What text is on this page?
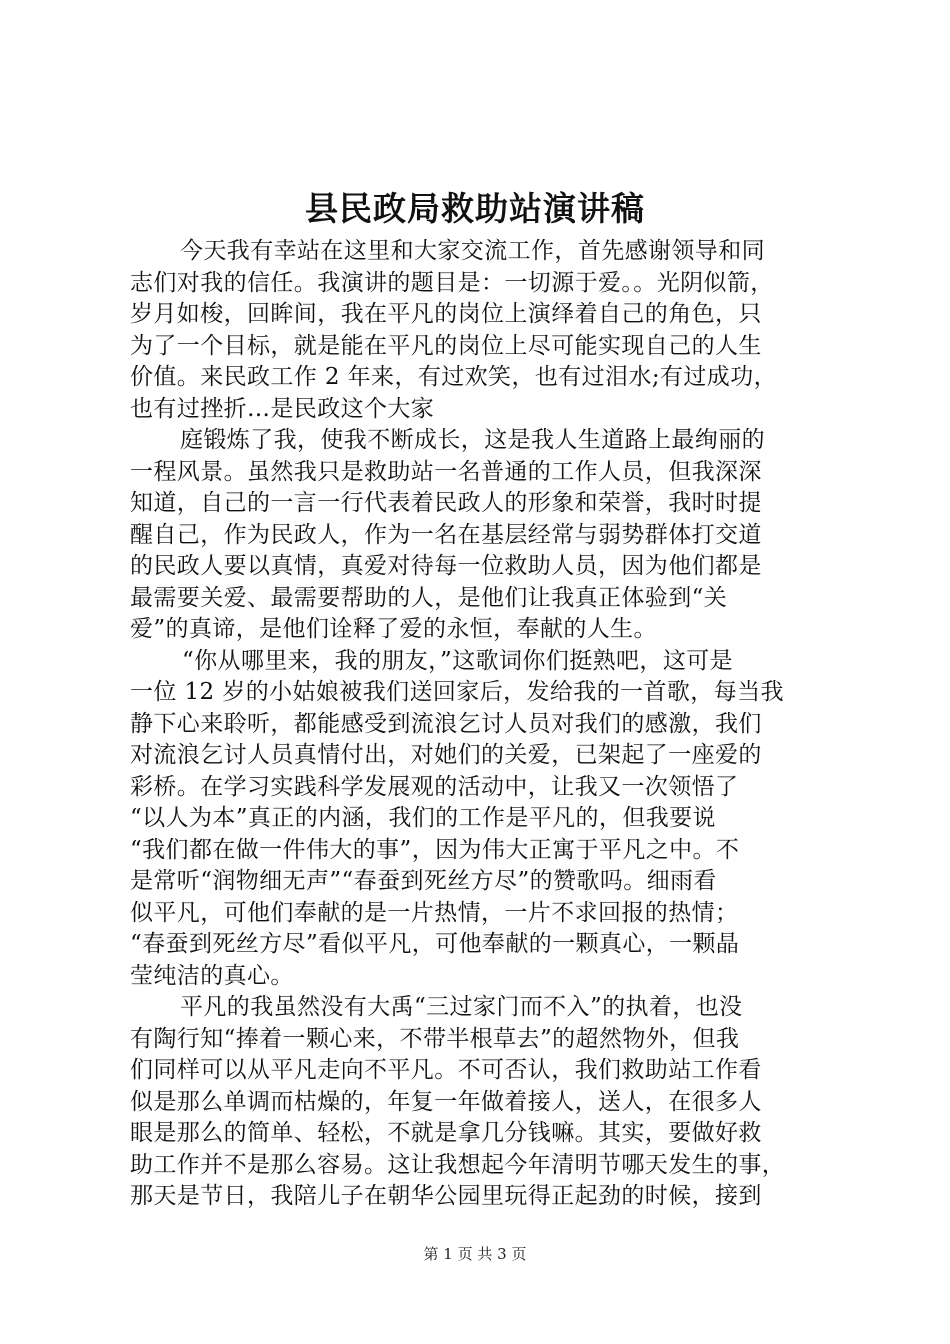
县民政局救助站演讲稿
今天我有幸站在这里和大家交流工作，首先感谢领导和同
志们对我的信任。我演讲的题目是：一切源于爱。。光阴似箭，
岁月如梭，回眸间，我在平凡的岗位上演绎着自己的角色，只
为了一个目标，就是能在平凡的岗位上尽可能实现自己的人生
价值。来民政工作 2 年来，有过欢笑，也有过泪水;有过成功，
也有过挫折…是民政这个大家
庭锻炼了我，使我不断成长，这是我人生道路上最绚丽的
一程风景。虽然我只是救助站一名普通的工作人员，但我深深
知道，自己的一言一行代表着民政人的形象和荣誉，我时时提
醒自己，作为民政人，作为一名在基层经常与弱势群体打交道
的民政人要以真情，真爱对待每一位救助人员，因为他们都是
最需要关爱、最需要帮助的人，是他们让我真正体验到“关
爱”的真谛，是他们诠释了爱的永恒，奉献的人生。
“你从哪里来，我的朋友，”这歌词你们挺熟吧，这可是
一位 12 岁的小姑娘被我们送回家后，发给我的一首歌，每当我
静下心来聆听，都能感受到流浪乞讨人员对我们的感激，我们
对流浪乞讨人员真情付出，对她们的关爱，已架起了一座爱的
彩桥。在学习实践科学发展观的活动中，让我又一次领悟了
“以人为本”真正的内涵，我们的工作是平凡的，但我要说
“我们都在做一件伟大的事”，因为伟大正寓于平凡之中。不
是常听“润物细无声”“春蚕到死丝方尽”的赞歌吗。细雨看
似平凡，可他们奉献的是一片热情，一片不求回报的热情；
“春蚕到死丝方尽”看似平凡，可他奉献的一颗真心，一颗晶
莹纯洁的真心。
平凡的我虽然没有大禹“三过家门而不入”的执着，也没
有陶行知“捧着一颗心来，不带半根草去”的超然物外，但我
们同样可以从平凡走向不平凡。不可否认，我们救助站工作看
似是那么单调而枯燥的，年复一年做着接人，送人，在很多人
眼是那么的简单、轻松，不就是拿几分钱嘛。其实，要做好救
助工作并不是那么容易。这让我想起今年清明节哪天发生的事，
那天是节日，我陪儿子在朝华公园里玩得正起劲的时候，接到
第 1 页 共 3 页
